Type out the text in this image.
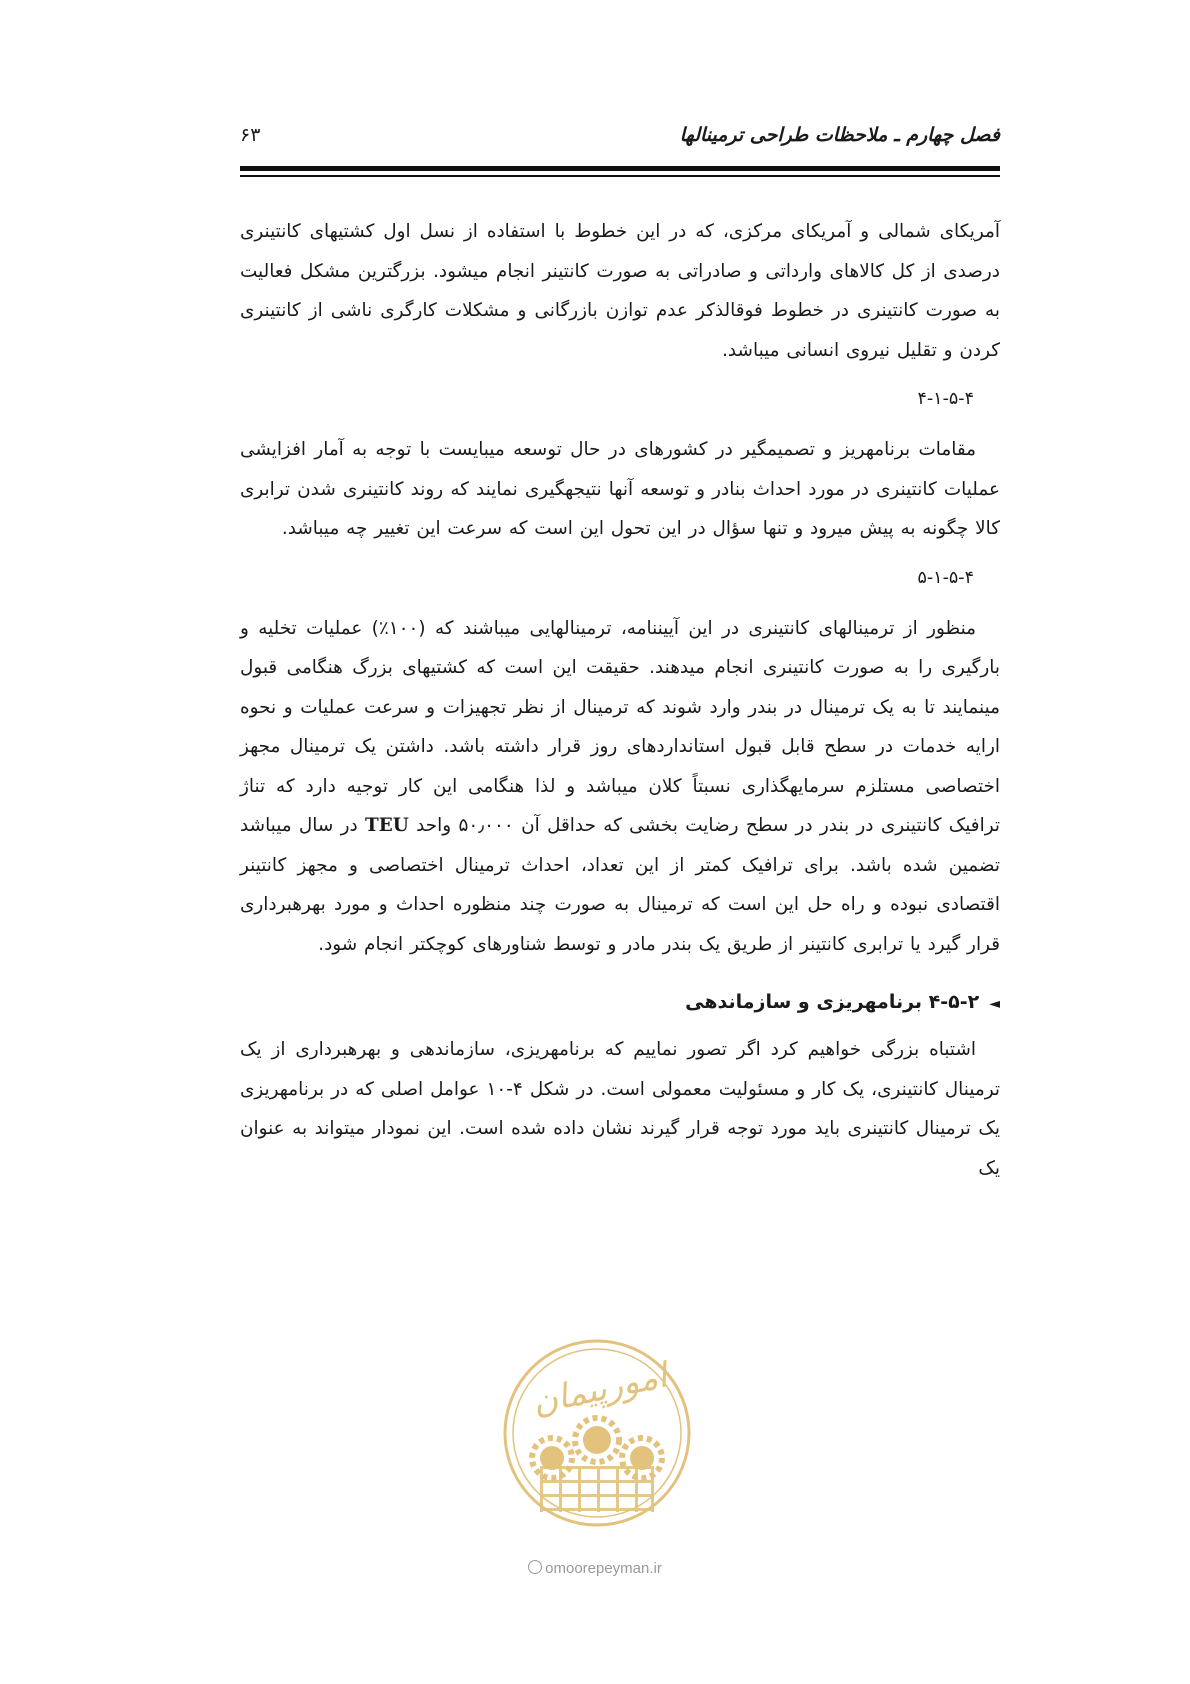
فصل چهارم ـ ملاحظات طراحی ترمینالها
۶۳

آمریکای شمالی و آمریکای مرکزی، که در این خطوط با استفاده از نسل اول کشتیهای کانتینری درصدی از کل کالاهای وارداتی و صادراتی به صورت کانتینر انجام میشود. بزرگترین مشکل فعالیت به صورت کانتینری در خطوط فوقالذکر عدم توازن بازرگانی و مشکلات کارگری ناشی از کانتینری کردن و تقلیل نیروی انسانی میباشد.

۴-۱-۵-۴

مقامات برنامهریز و تصمیمگیر در کشورهای در حال توسعه میبایست با توجه به آمار افزایشی عملیات کانتینری در مورد احداث بنادر و توسعه آنها نتیجهگیری نمایند که روند کانتینری شدن ترابری کالا چگونه به پیش میرود و تنها سؤال در این تحول این است که سرعت این تغییر چه میباشد.

۵-۱-۵-۴

منظور از ترمینالهای کانتینری در این آییننامه، ترمینالهایی میباشند که (۱۰۰٪) عملیات تخلیه و بارگیری را به صورت کانتینری انجام میدهند. حقیقت این است که کشتیهای بزرگ هنگامی قبول مینمایند تا به یک ترمینال در بندر وارد شوند که ترمینال از نظر تجهیزات و سرعت عملیات و نحوه ارایه خدمات در سطح قابل قبول استانداردهای روز قرار داشته باشد. داشتن یک ترمینال مجهز اختصاصی مستلزم سرمایهگذاری نسبتاً کلان میباشد و لذا هنگامی این کار توجیه دارد که تناژ ترافیک کانتینری در بندر در سطح رضایت بخشی که حداقل آن ۵۰٫۰۰۰ واحد TEU در سال میباشد تضمین شده باشد. برای ترافیک کمتر از این تعداد، احداث ترمینال اختصاصی و مجهز کانتینر اقتصادی نبوده و راه حل این است که ترمینال به صورت چند منظوره احداث و مورد بهرهبرداری قرار گیرد یا ترابری کانتینر از طریق یک بندر مادر و توسط شناورهای کوچکتر انجام شود.

◄۴-۵-۲ برنامهریزی و سازماندهی

اشتباه بزرگی خواهیم کرد اگر تصور نماییم که برنامهریزی، سازماندهی و بهرهبرداری از یک ترمینال کانتینری، یک کار و مسئولیت معمولی است. در شکل ۴-۱۰ عوامل اصلی که در برنامهریزی یک ترمینال کانتینری باید مورد توجه قرار گیرند نشان داده شده است. این نمودار میتواند به عنوان یک

امورپیمان
omoorepeyman.ir
